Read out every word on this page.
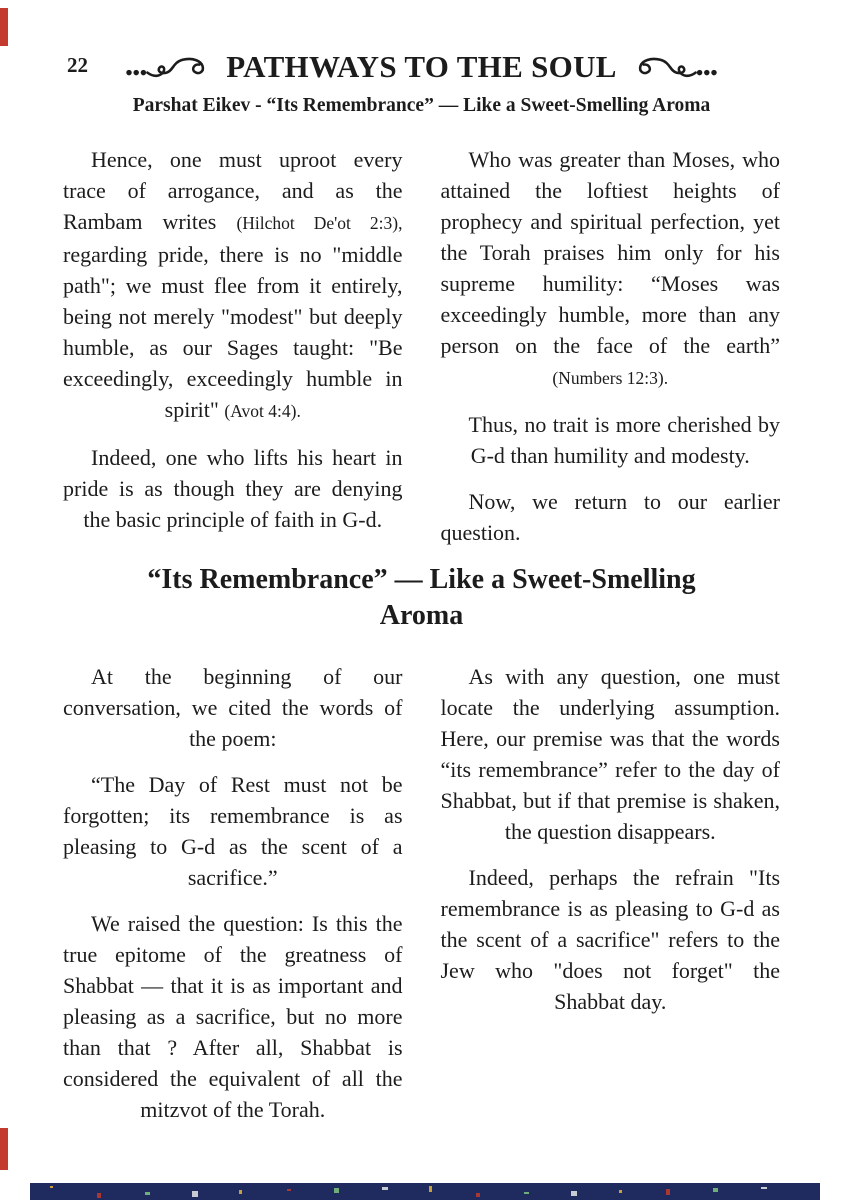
22	PATHWAYS TO THE SOUL
Parshat Eikev - “Its Remembrance” — Like a Sweet-Smelling Aroma

Hence, one must uproot every trace of arrogance, and as the Rambam writes (Hilchot De'ot 2:3), regarding pride, there is no "middle path"; we must flee from it entirely, being not merely "modest" but deeply humble, as our Sages taught: "Be exceedingly, exceedingly humble in spirit" (Avot 4:4).

Indeed, one who lifts his heart in pride is as though they are denying the basic principle of faith in G-d.

Who was greater than Moses, who attained the loftiest heights of prophecy and spiritual perfection, yet the Torah praises him only for his supreme humility: “Moses was exceedingly humble, more than any person on the face of the earth” (Numbers 12:3).

Thus, no trait is more cherished by G-d than humility and modesty.

Now, we return to our earlier question.

“Its Remembrance” — Like a Sweet-Smelling Aroma

At the beginning of our conversation, we cited the words of the poem:

“The Day of Rest must not be forgotten; its remembrance is as pleasing to G-d as the scent of a sacrifice.”

We raised the question: Is this the true epitome of the greatness of Shabbat — that it is as important and pleasing as a sacrifice, but no more than that ? After all, Shabbat is considered the equivalent of all the mitzvot of the Torah.

As with any question, one must locate the underlying assumption. Here, our premise was that the words “its remembrance” refer to the day of Shabbat, but if that premise is shaken, the question disappears.

Indeed, perhaps the refrain "Its remembrance is as pleasing to G-d as the scent of a sacrifice" refers to the Jew who "does not forget" the Shabbat day.
